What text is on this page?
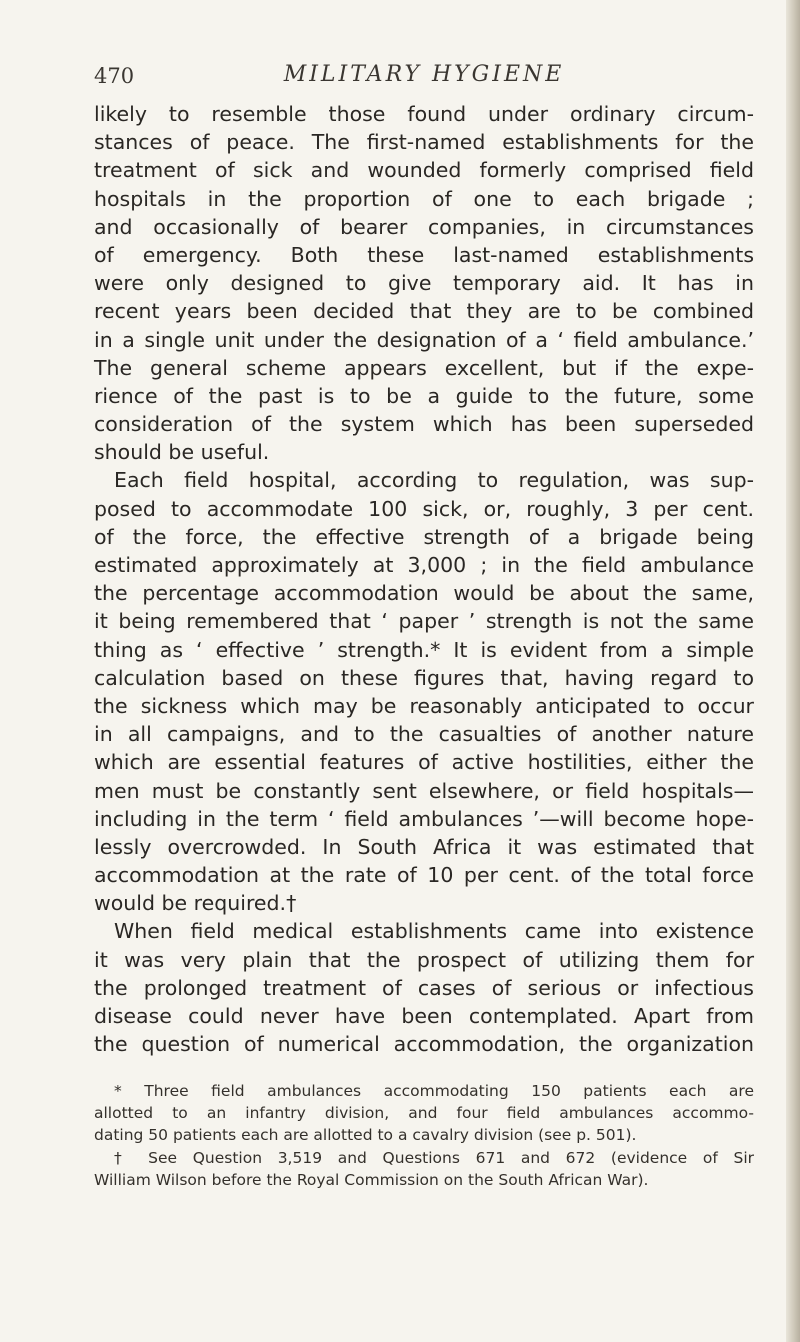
470	MILITARY HYGIENE
likely to resemble those found under ordinary circum-
stances of peace. The first-named establishments for the
treatment of sick and wounded formerly comprised field
hospitals in the proportion of one to each brigade ;
and occasionally of bearer companies, in circumstances
of emergency. Both these last-named establishments
were only designed to give temporary aid. It has in
recent years been decided that they are to be combined
in a single unit under the designation of a ‘ field ambulance.’
The general scheme appears excellent, but if the expe-
rience of the past is to be a guide to the future, some
consideration of the system which has been superseded
should be useful.
Each field hospital, according to regulation, was sup-
posed to accommodate 100 sick, or, roughly, 3 per cent.
of the force, the effective strength of a brigade being
estimated approximately at 3,000 ; in the field ambulance
the percentage accommodation would be about the same,
it being remembered that ‘ paper ’ strength is not the same
thing as ‘ effective ’ strength.* It is evident from a simple
calculation based on these figures that, having regard to
the sickness which may be reasonably anticipated to occur
in all campaigns, and to the casualties of another nature
which are essential features of active hostilities, either the
men must be constantly sent elsewhere, or field hospitals—
including in the term ‘ field ambulances ’—will become hope-
lessly overcrowded. In South Africa it was estimated that
accommodation at the rate of 10 per cent. of the total force
would be required.†
When field medical establishments came into existence
it was very plain that the prospect of utilizing them for
the prolonged treatment of cases of serious or infectious
disease could never have been contemplated. Apart from
the question of numerical accommodation, the organization
* Three field ambulances accommodating 150 patients each are
allotted to an infantry division, and four field ambulances accommo-
dating 50 patients each are allotted to a cavalry division (see p. 501).
† See Question 3,519 and Questions 671 and 672 (evidence of Sir
William Wilson before the Royal Commission on the South African War).
